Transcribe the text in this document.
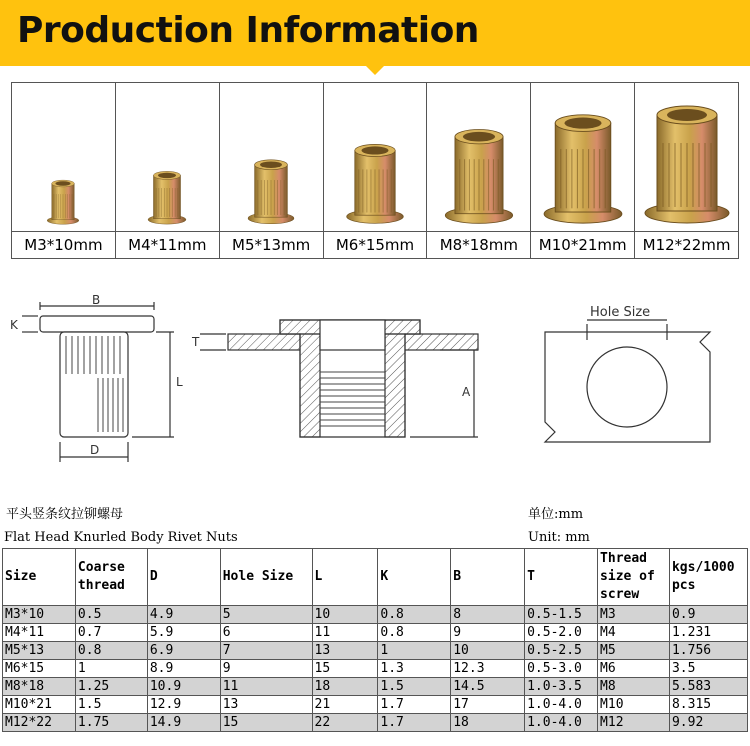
Production Information
M3*10mm	M4*11mm	M5*13mm	M6*15mm	M8*18mm	M10*21mm	M12*22mm
B
K
L
D
T
A
Hole Size
平头竖条纹拉铆螺母	单位:mm
Flat Head Knurled Body Rivet Nuts	Unit: mm
Size	Coarse thread	D	Hole Size	L	K	B	T	Thread size of screw	kgs/1000 pcs
M3*10	0.5	4.9	5	10	0.8	8	0.5-1.5	M3	0.9
M4*11	0.7	5.9	6	11	0.8	9	0.5-2.0	M4	1.231
M5*13	0.8	6.9	7	13	1	10	0.5-2.5	M5	1.756
M6*15	1	8.9	9	15	1.3	12.3	0.5-3.0	M6	3.5
M8*18	1.25	10.9	11	18	1.5	14.5	1.0-3.5	M8	5.583
M10*21	1.5	12.9	13	21	1.7	17	1.0-4.0	M10	8.315
M12*22	1.75	14.9	15	22	1.7	18	1.0-4.0	M12	9.92
